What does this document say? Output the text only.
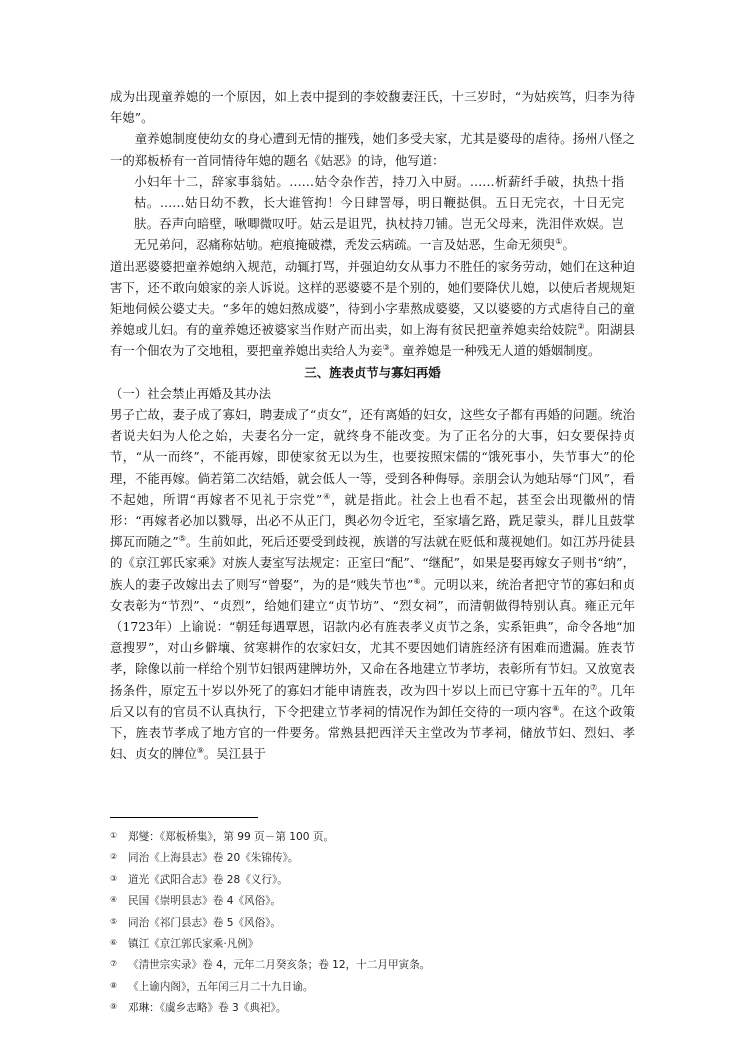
成为出现童养媳的一个原因，如上表中提到的李姣馥妻汪氏，十三岁时，“为姑疾笃，归李为待年媳”。

童养媳制度使幼女的身心遭到无情的摧残，她们多受夫家，尤其是婆母的虐待。扬州八怪之一的郑板桥有一首同情待年媳的题名《姑恶》的诗，他写道：

小妇年十二，辞家事翁姑。……姑令杂作苦，持刀入中厨。……析薪纤手破，执热十指枯。……姑日幼不教，长大谁管拘！今日肆詈辱，明日鞭挞俱。五日无完衣，十日无完肤。吞声向暗壁，啾唧微叹吁。姑云是诅咒，执杖持刀铺。岂无父母来，洗泪伴欢娱。岂无兄弟问，忍痛称姑劬。疤痕掩破襟，秃发云病疏。一言及姑恶，生命无须臾①。

道出恶婆婆把童养媳纳入规范，动辄打骂，并强迫幼女从事力不胜任的家务劳动，她们在这种迫害下，还不敢向娘家的亲人诉说。这样的恶婆婆不是个别的，她们要降伏儿媳，以使后者规规矩矩地伺候公婆丈夫。“多年的媳妇熬成婆”，待到小字辈熬成婆婆，又以婆婆的方式虐待自己的童养媳或儿妇。有的童养媳还被婆家当作财产而出卖，如上海有贫民把童养媳卖给妓院②。阳湖县有一个佃农为了交地租，要把童养媳出卖给人为妾③。童养媳是一种残无人道的婚姻制度。

三、旌表贞节与寡妇再婚

（一）社会禁止再婚及其办法

男子亡故，妻子成了寡妇，聘妻成了“贞女”，还有离婚的妇女，这些女子都有再婚的问题。统治者说夫妇为人伦之始，夫妻名分一定，就终身不能改变。为了正名分的大事，妇女要保持贞节，“从一而终”，不能再嫁，即使家贫无以为生，也要按照宋儒的“饿死事小，失节事大”的伦理，不能再嫁。倘若第二次结婚，就会低人一等，受到各种侮辱。亲朋会认为她玷辱“门风”，看不起她，所谓“再嫁者不见礼于宗党”④，就是指此。社会上也看不起，甚至会出现徽州的情形：“再嫁者必加以戮辱，出必不从正门，舆必勿令近宅，至家墙乞路，跣足蒙头，群儿且鼓掌掷瓦而随之”⑤。生前如此，死后还要受到歧视，族谱的写法就在贬低和蔑视她们。如江苏丹徒县的《京江郭氏家乘》对族人妻室写法规定：正室曰“配”、“继配”，如果是娶再嫁女子则书“纳”，族人的妻子改嫁出去了则写“曾娶”，为的是“贱失节也”⑥。元明以来，统治者把守节的寡妇和贞女表彰为“节烈”、“贞烈”，给她们建立“贞节坊”、“烈女祠”，而清朝做得特别认真。雍正元年（1723年）上谕说：“朝廷每遇覃恩，诏款内必有旌表孝义贞节之条，实系钜典”，命令各地“加意搜罗”，对山乡僻壤、贫寒耕作的农家妇女，尤其不要因她们请旌经济有困难而遗漏。旌表节孝，除像以前一样给个别节妇银两建牌坊外，又命在各地建立节孝坊，表彰所有节妇。又放宽表扬条件，原定五十岁以外死了的寡妇才能申请旌表，改为四十岁以上而已守寡十五年的⑦。几年后又以有的官员不认真执行，下令把建立节孝祠的情况作为卸任交待的一项内容⑧。在这个政策下，旌表节孝成了地方官的一件要务。常熟县把西洋天主堂改为节孝祠，储放节妇、烈妇、孝妇、贞女的牌位⑨。吴江县于

① 郑燮：《郑板桥集》，第 99 页－第 100 页。

② 同治《上海县志》卷 20《朱锦传》。

③ 道光《武阳合志》卷 28《义行》。

④ 民国《崇明县志》卷 4《风俗》。

⑤ 同治《祁门县志》卷 5《风俗》。

⑥ 镇江《京江郭氏家乘·凡例》

⑦ 《清世宗实录》卷 4，元年二月癸亥条；卷 12，十二月甲寅条。

⑧ 《上谕内阁》，五年闰三月二十九日谕。

⑨ 邓琳：《虞乡志略》卷 3《典祀》。
